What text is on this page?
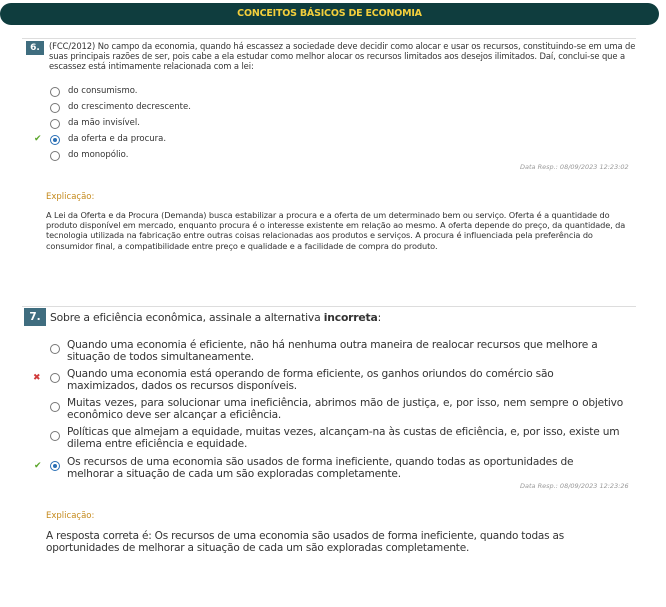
CONCEITOS BÁSICOS DE ECONOMIA
6.	(FCC/2012) No campo da economia, quando há escassez a sociedade deve decidir como alocar e usar os recursos, constituindo-se em uma de suas principais razões de ser, pois cabe a ela estudar como melhor alocar os recursos limitados aos desejos ilimitados. Daí, conclui-se que a escassez está intimamente relacionada com a lei:
do consumismo.
do crescimento decrescente.
da mão invisível.
✔	da oferta e da procura.
do monopólio.
Data Resp.: 08/09/2023 12:23:02
Explicação:
A Lei da Oferta e da Procura (Demanda) busca estabilizar a procura e a oferta de um determinado bem ou serviço. Oferta é a quantidade do produto disponível em mercado, enquanto procura é o interesse existente em relação ao mesmo. A oferta depende do preço, da quantidade, da tecnologia utilizada na fabricação entre outras coisas relacionadas aos produtos e serviços. A procura é influenciada pela preferência do consumidor final, a compatibilidade entre preço e qualidade e a facilidade de compra do produto.
7. Sobre a eficiência econômica, assinale a alternativa incorreta:
Quando uma economia é eficiente, não há nenhuma outra maneira de realocar recursos que melhore a situação de todos simultaneamente.
✖ Quando uma economia está operando de forma eficiente, os ganhos oriundos do comércio são maximizados, dados os recursos disponíveis.
Muitas vezes, para solucionar uma ineficiência, abrimos mão de justiça, e, por isso, nem sempre o objetivo econômico deve ser alcançar a eficiência.
Políticas que almejam a equidade, muitas vezes, alcançam-na às custas de eficiência, e, por isso, existe um dilema entre eficiência e equidade.
✔ Os recursos de uma economia são usados de forma ineficiente, quando todas as oportunidades de melhorar a situação de cada um são exploradas completamente.
Data Resp.: 08/09/2023 12:23:26
Explicação:
A resposta correta é: Os recursos de uma economia são usados de forma ineficiente, quando todas as oportunidades de melhorar a situação de cada um são exploradas completamente.
